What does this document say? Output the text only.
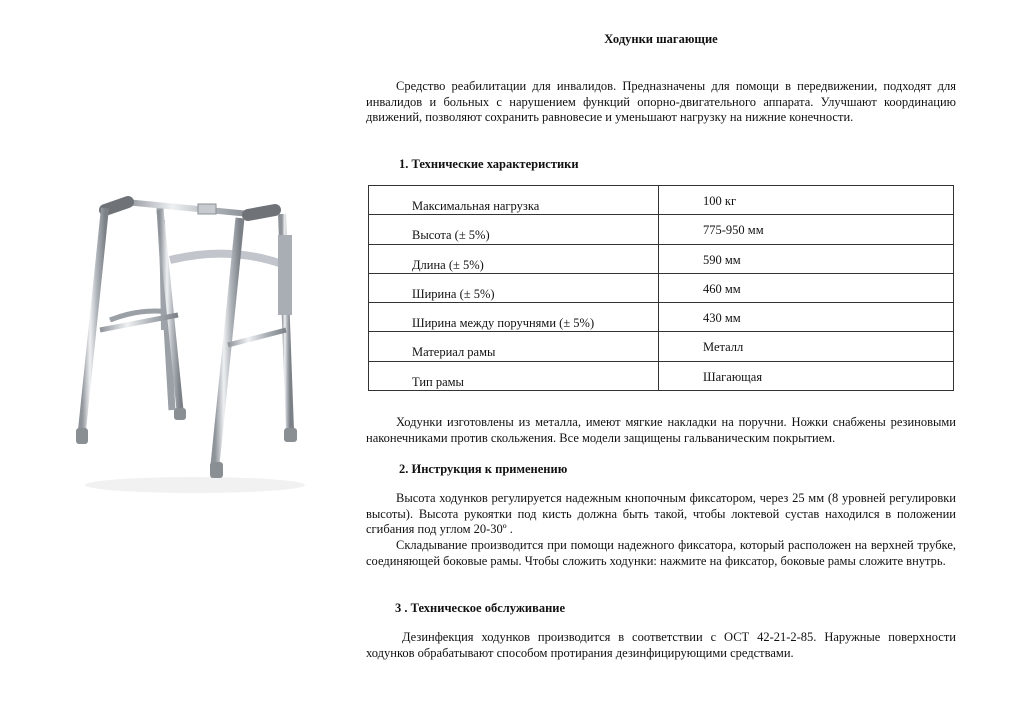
Ходунки шагающие

Средство реабилитации для инвалидов. Предназначены для помощи в передвижении, подходят для инвалидов и больных с нарушением функций опорно-двигательного аппарата. Улучшают координацию движений, позволяют сохранить равновесие и уменьшают нагрузку на нижние конечности.

1. Технические характеристики
Максимальная нагрузка	100 кг
Высота (± 5%)	775-950 мм
Длина (± 5%)	590 мм
Ширина (± 5%)	460 мм
Ширина между поручнями (± 5%)	430 мм
Материал рамы	Металл
Тип рамы	Шагающая

Ходунки изготовлены из металла, имеют мягкие накладки на поручни. Ножки снабжены резиновыми наконечниками против скольжения. Все модели защищены гальваническим покрытием.

2. Инструкция к применению

Высота ходунков регулируется надежным кнопочным фиксатором, через 25 мм (8 уровней регулировки высоты). Высота рукоятки под кисть должна быть такой, чтобы локтевой сустав находился в положении сгибания под углом 20-30º .

Складывание производится при помощи надежного фиксатора, который расположен на верхней трубке, соединяющей боковые рамы. Чтобы сложить ходунки: нажмите на фиксатор, боковые рамы сложите внутрь.

3 . Техническое обслуживание

Дезинфекция ходунков производится в соответствии с ОСТ 42-21-2-85. Наружные поверхности ходунков обрабатывают способом протирания дезинфицирующими средствами.
